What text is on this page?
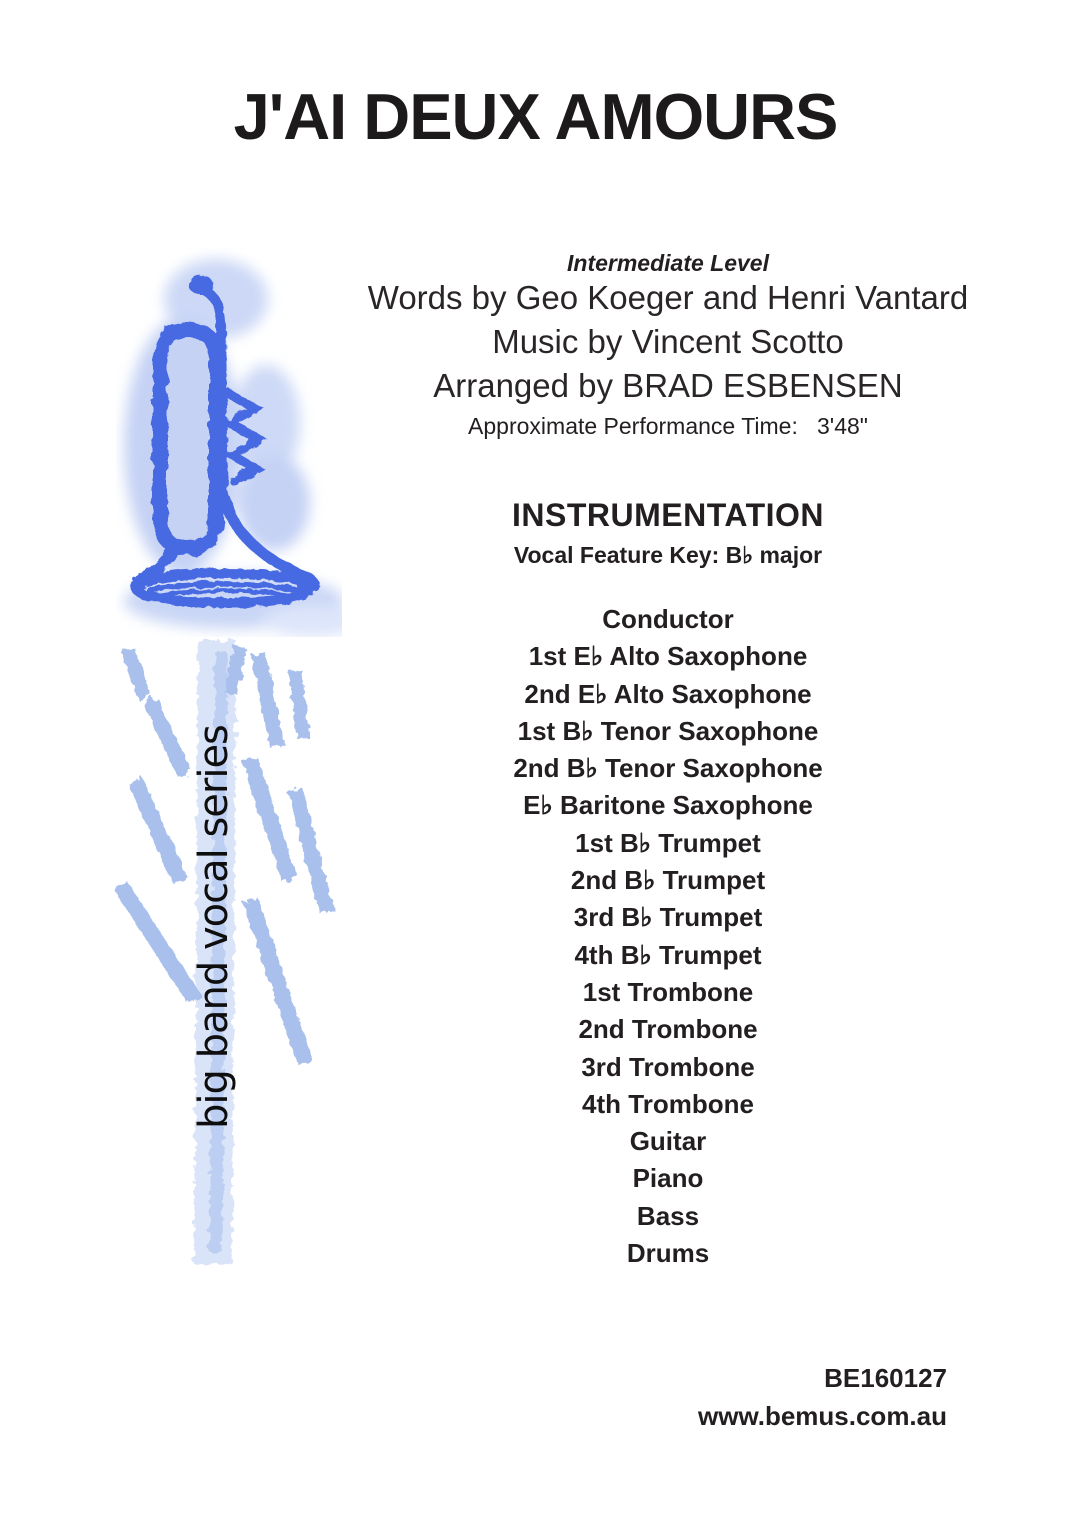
J'AI DEUX AMOURS
big band vocal series
Intermediate Level
Words by Geo Koeger and Henri Vantard
Music by Vincent Scotto
Arranged by BRAD ESBENSEN
Approximate Performance Time:   3'48"
INSTRUMENTATION
Vocal Feature Key: B♭ major
Conductor
1st E♭ Alto Saxophone
2nd E♭ Alto Saxophone
1st B♭ Tenor Saxophone
2nd B♭ Tenor Saxophone
E♭ Baritone Saxophone
1st B♭ Trumpet
2nd B♭ Trumpet
3rd B♭ Trumpet
4th B♭ Trumpet
1st Trombone
2nd Trombone
3rd Trombone
4th Trombone
Guitar
Piano
Bass
Drums
BE160127
www.bemus.com.au
